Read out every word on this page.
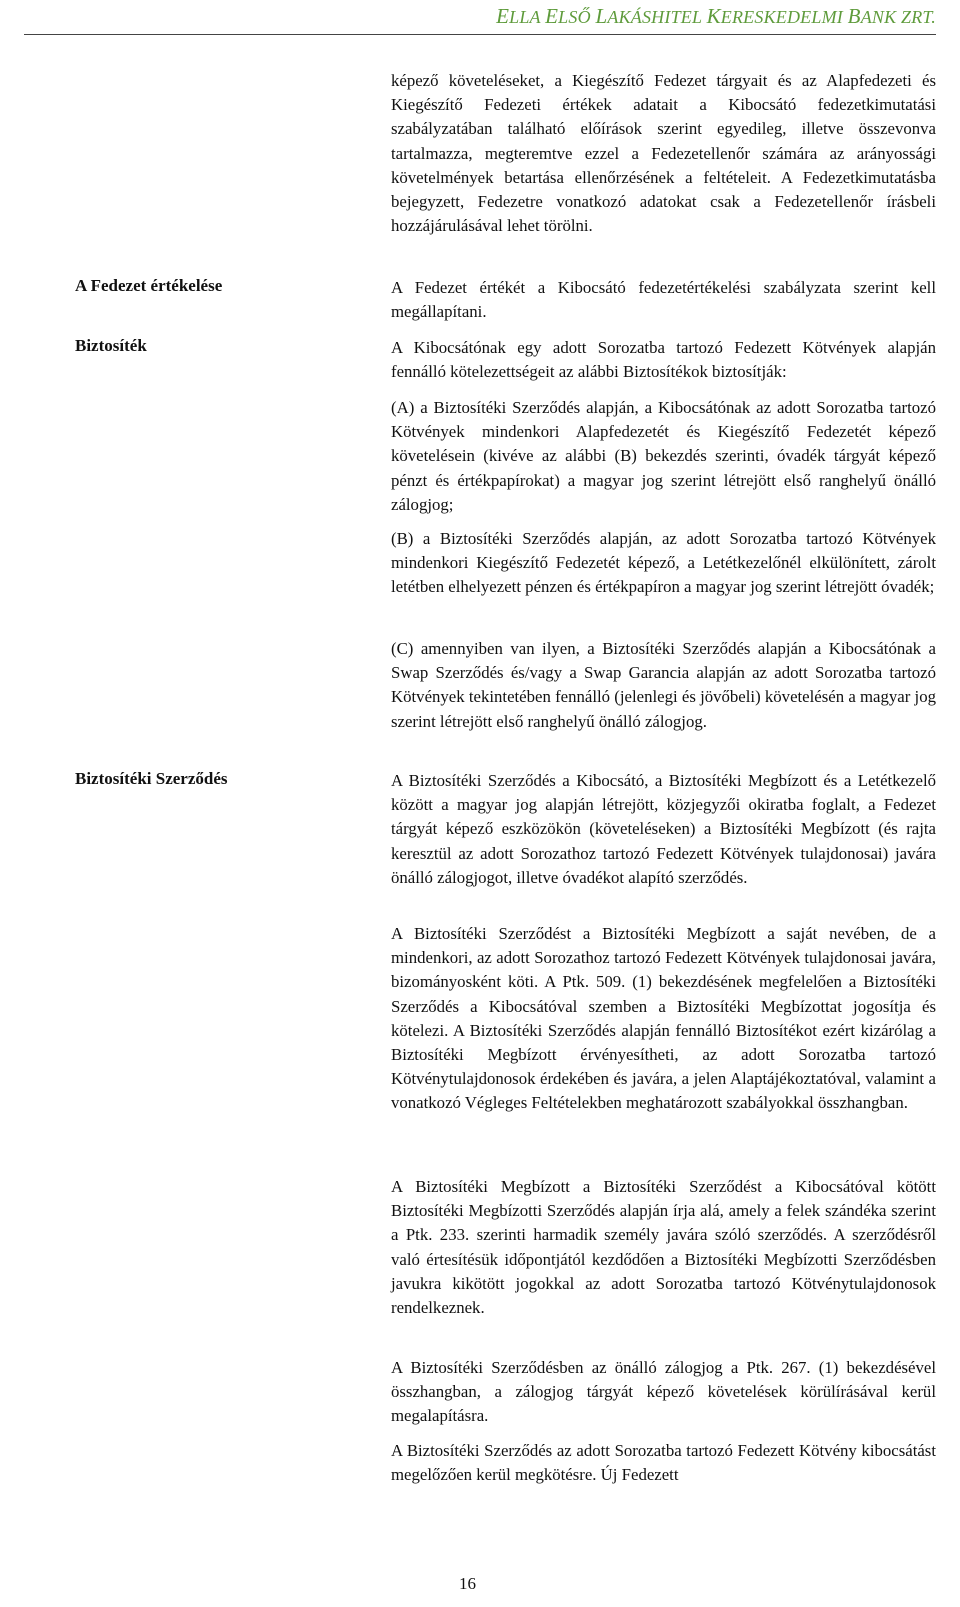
ELLA ELSŐ LAKÁSHITEL KERESKEDELMI BANK ZRT.
A Fedezet értékelése
Biztosíték
Biztosítéki Szerződés

képező követeléseket, a Kiegészítő Fedezet tárgyait és az Alapfedezeti és Kiegészítő Fedezeti értékek adatait a Kibocsátó fedezetkimutatási szabályzatában található előírások szerint egyedileg, illetve összevonva tartalmazza, megteremtve ezzel a Fedezetellenőr számára az arányossági követelmények betartása ellenőrzésének a feltételeit. A Fedezetkimutatásba bejegyzett, Fedezetre vonatkozó adatokat csak a Fedezetellenőr írásbeli hozzájárulásával lehet törölni.

A Fedezet értékét a Kibocsátó fedezetértékelési szabályzata szerint kell megállapítani.

A Kibocsátónak egy adott Sorozatba tartozó Fedezett Kötvények alapján fennálló kötelezettségeit az alábbi Biztosítékok biztosítják:

(A) a Biztosítéki Szerződés alapján, a Kibocsátónak az adott Sorozatba tartozó Kötvények mindenkori Alapfedezetét és Kiegészítő Fedezetét képező követelésein (kivéve az alábbi (B) bekezdés szerinti, óvadék tárgyát képező pénzt és értékpapírokat) a magyar jog szerint létrejött első ranghelyű önálló zálogjog;

(B) a Biztosítéki Szerződés alapján, az adott Sorozatba tartozó Kötvények mindenkori Kiegészítő Fedezetét képező, a Letétkezelőnél elkülönített, zárolt letétben elhelyezett pénzen és értékpapíron a magyar jog szerint létrejött óvadék;

(C) amennyiben van ilyen, a Biztosítéki Szerződés alapján a Kibocsátónak a Swap Szerződés és/vagy a Swap Garancia alapján az adott Sorozatba tartozó Kötvények tekintetében fennálló (jelenlegi és jövőbeli) követelésén a magyar jog szerint létrejött első ranghelyű önálló zálogjog.

A Biztosítéki Szerződés a Kibocsátó, a Biztosítéki Megbízott és a Letétkezelő között a magyar jog alapján létrejött, közjegyzői okiratba foglalt, a Fedezet tárgyát képező eszközökön (követeléseken) a Biztosítéki Megbízott (és rajta keresztül az adott Sorozathoz tartozó Fedezett Kötvények tulajdonosai) javára önálló zálogjogot, illetve óvadékot alapító szerződés.

A Biztosítéki Szerződést a Biztosítéki Megbízott a saját nevében, de a mindenkori, az adott Sorozathoz tartozó Fedezett Kötvények tulajdonosai javára, bizományosként köti. A Ptk. 509. (1) bekezdésének megfelelően a Biztosítéki Szerződés a Kibocsátóval szemben a Biztosítéki Megbízottat jogosítja és kötelezi. A Biztosítéki Szerződés alapján fennálló Biztosítékot ezért kizárólag a Biztosítéki Megbízott érvényesítheti, az adott Sorozatba tartozó Kötvénytulajdonosok érdekében és javára, a jelen Alaptájékoztatóval, valamint a vonatkozó Végleges Feltételekben meghatározott szabályokkal összhangban.

A Biztosítéki Megbízott a Biztosítéki Szerződést a Kibocsátóval kötött Biztosítéki Megbízotti Szerződés alapján írja alá, amely a felek szándéka szerint a Ptk. 233. szerinti harmadik személy javára szóló szerződés. A szerződésről való értesítésük időpontjától kezdődően a Biztosítéki Megbízotti Szerződésben javukra kikötött jogokkal az adott Sorozatba tartozó Kötvénytulajdonosok rendelkeznek.

A Biztosítéki Szerződésben az önálló zálogjog a Ptk. 267. (1) bekezdésével összhangban, a zálogjog tárgyát képező követelések körülírásával kerül megalapításra.

A Biztosítéki Szerződés az adott Sorozatba tartozó Fedezett Kötvény kibocsátást megelőzően kerül megkötésre. Új Fedezett

16
